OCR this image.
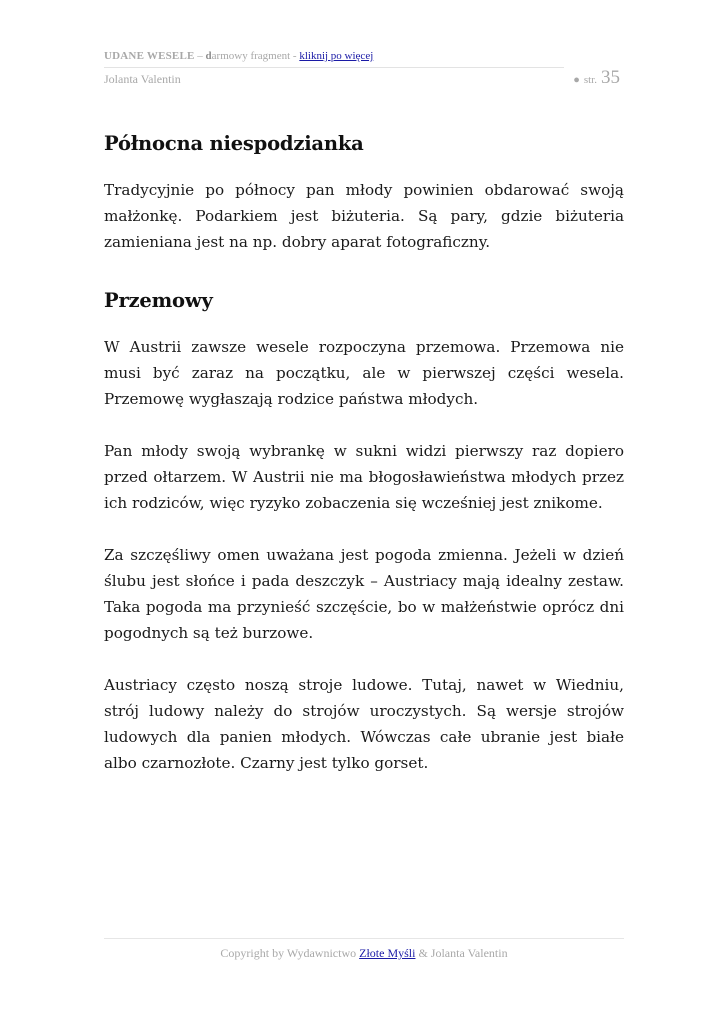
UDANE WESELE – darmowy fragment - kliknij po więcej
Jolanta Valentin	● str. 35
Północna niespodzianka

Tradycyjnie po północy pan młody powinien obdarować swoją małżonkę. Podarkiem jest biżuteria. Są pary, gdzie biżuteria zamieniana jest na np. dobry aparat fotograficzny.

Przemowy

W Austrii zawsze wesele rozpoczyna przemowa. Przemowa nie musi być zaraz na początku, ale w pierwszej części wesela. Przemowę wygłaszają rodzice państwa młodych.

Pan młody swoją wybrankę w sukni widzi pierwszy raz dopiero przed ołtarzem. W Austrii nie ma błogosławieństwa młodych przez ich rodziców, więc ryzyko zobaczenia się wcześniej jest znikome.

Za szczęśliwy omen uważana jest pogoda zmienna. Jeżeli w dzień ślubu jest słońce i pada deszczyk – Austriacy mają idealny zestaw. Taka pogoda ma przynieść szczęście, bo w małżeństwie oprócz dni pogodnych są też burzowe.

Austriacy często noszą stroje ludowe. Tutaj, nawet w Wiedniu, strój ludowy należy do strojów uroczystych. Są wersje strojów ludowych dla panien młodych. Wówczas całe ubranie jest białe albo czarnozłote. Czarny jest tylko gorset.

Copyright by Wydawnictwo Złote Myśli & Jolanta Valentin
